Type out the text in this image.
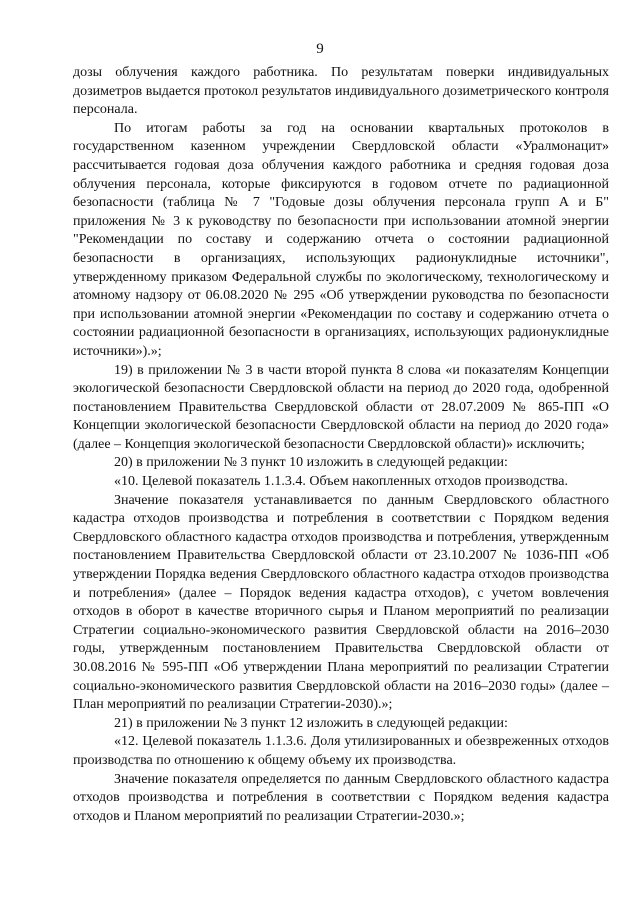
9

дозы облучения каждого работника. По результатам поверки индивидуальных дозиметров выдается протокол результатов индивидуального дозиметрического контроля персонала.

По итогам работы за год на основании квартальных протоколов в государственном казенном учреждении Свердловской области «Уралмонацит» рассчитывается годовая доза облучения каждого работника и средняя годовая доза облучения персонала, которые фиксируются в годовом отчете по радиационной безопасности (таблица № 7 "Годовые дозы облучения персонала групп А и Б" приложения № 3 к руководству по безопасности при использовании атомной энергии "Рекомендации по составу и содержанию отчета о состоянии радиационной безопасности в организациях, использующих радионуклидные источники", утвержденному приказом Федеральной службы по экологическому, технологическому и атомному надзору от 06.08.2020 № 295 «Об утверждении руководства по безопасности при использовании атомной энергии «Рекомендации по составу и содержанию отчета о состоянии радиационной безопасности в организациях, использующих радионуклидные источники»).»;

19) в приложении № 3 в части второй пункта 8 слова «и показателям Концепции экологической безопасности Свердловской области на период до 2020 года, одобренной постановлением Правительства Свердловской области от 28.07.2009 № 865-ПП «О Концепции экологической безопасности Свердловской области на период до 2020 года» (далее – Концепция экологической безопасности Свердловской области)» исключить;

20) в приложении № 3 пункт 10 изложить в следующей редакции:

«10. Целевой показатель 1.1.3.4. Объем накопленных отходов производства.

Значение показателя устанавливается по данным Свердловского областного кадастра отходов производства и потребления в соответствии с Порядком ведения Свердловского областного кадастра отходов производства и потребления, утвержденным постановлением Правительства Свердловской области от 23.10.2007 № 1036-ПП «Об утверждении Порядка ведения Свердловского областного кадастра отходов производства и потребления» (далее – Порядок ведения кадастра отходов), с учетом вовлечения отходов в оборот в качестве вторичного сырья и Планом мероприятий по реализации Стратегии социально-экономического развития Свердловской области на 2016–2030 годы, утвержденным постановлением Правительства Свердловской области от 30.08.2016 № 595-ПП «Об утверждении Плана мероприятий по реализации Стратегии социально-экономического развития Свердловской области на 2016–2030 годы» (далее – План мероприятий по реализации Стратегии-2030).»;

21) в приложении № 3 пункт 12 изложить в следующей редакции:

«12. Целевой показатель 1.1.3.6. Доля утилизированных и обезвреженных отходов производства по отношению к общему объему их производства.

Значение показателя определяется по данным Свердловского областного кадастра отходов производства и потребления в соответствии с Порядком ведения кадастра отходов и Планом мероприятий по реализации Стратегии-2030.»;
